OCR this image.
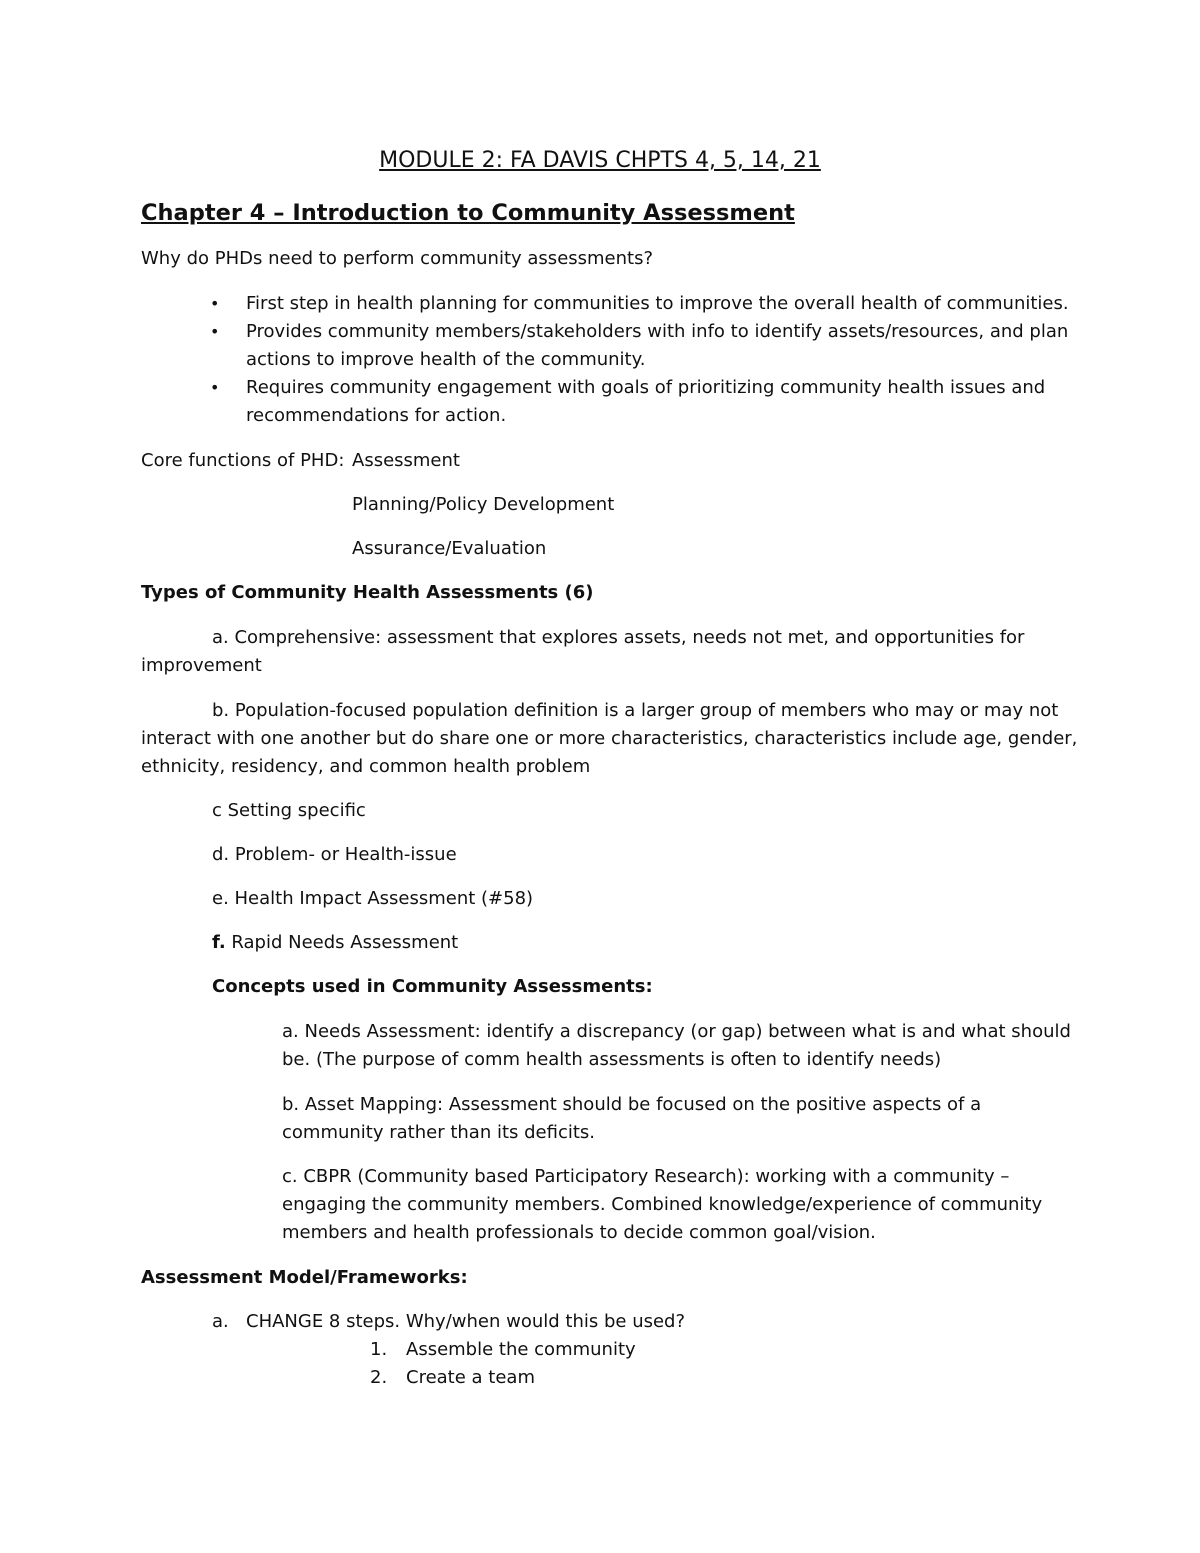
MODULE 2: FA DAVIS CHPTS 4, 5, 14, 21
Chapter 4 – Introduction to Community Assessment
Why do PHDs need to perform community assessments?
• First step in health planning for communities to improve the overall health of communities.
• Provides community members/stakeholders with info to identify assets/resources, and plan
actions to improve health of the community.
• Requires community engagement with goals of prioritizing community health issues and
recommendations for action.
Core functions of PHD: Assessment
Planning/Policy Development
Assurance/Evaluation
Types of Community Health Assessments (6)
a. Comprehensive: assessment that explores assets, needs not met, and opportunities for
improvement
b. Population-focused population definition is a larger group of members who may or may not
interact with one another but do share one or more characteristics, characteristics include age, gender,
ethnicity, residency, and common health problem
c Setting specific
d. Problem- or Health-issue
e. Health Impact Assessment (#58)
f. Rapid Needs Assessment
Concepts used in Community Assessments:
a. Needs Assessment: identify a discrepancy (or gap) between what is and what should
be. (The purpose of comm health assessments is often to identify needs)
b. Asset Mapping: Assessment should be focused on the positive aspects of a
community rather than its deficits.
c. CBPR (Community based Participatory Research): working with a community –
engaging the community members. Combined knowledge/experience of community
members and health professionals to decide common goal/vision.
Assessment Model/Frameworks:
a. CHANGE 8 steps. Why/when would this be used?
1. Assemble the community
2. Create a team
